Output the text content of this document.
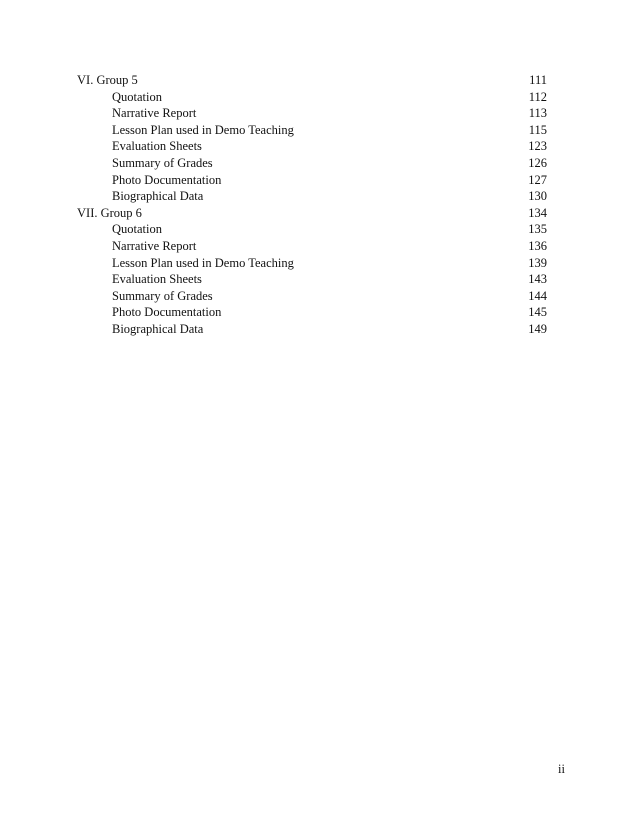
VI. Group 5	111
Quotation	112
Narrative Report	113
Lesson Plan used in Demo Teaching	115
Evaluation Sheets	123
Summary of Grades	126
Photo Documentation	127
Biographical Data	130
VII. Group 6	134
Quotation	135
Narrative Report	136
Lesson Plan used in Demo Teaching	139
Evaluation Sheets	143
Summary of Grades	144
Photo Documentation	145
Biographical Data	149
ii
